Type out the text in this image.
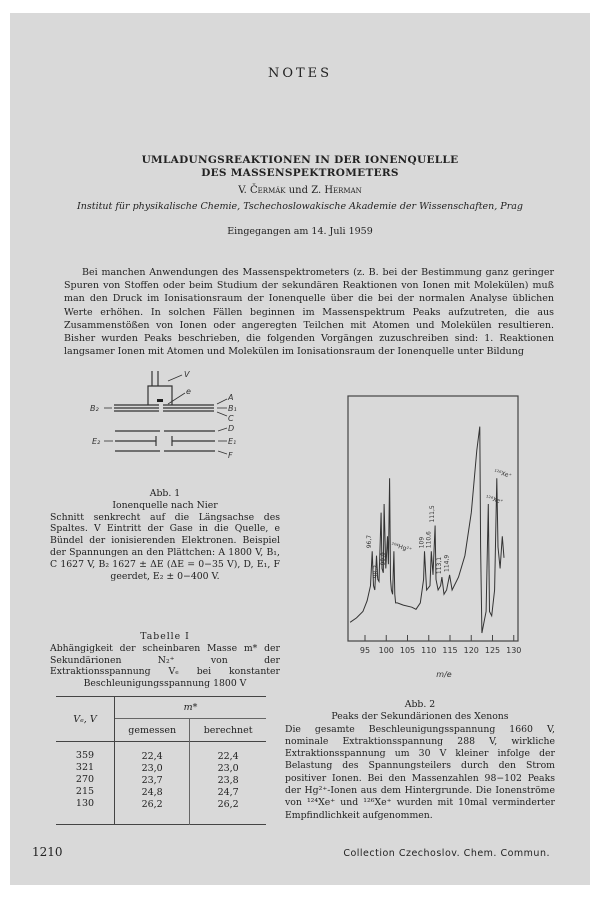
NOTES
UMLADUNGSREAKTIONEN IN DER IONENQUELLE
DES MASSENSPEKTROMETERS
V. Čermák und Z. Herman
Institut für physikalische Chemie, Tschechoslowakische Akademie der Wissenschaften, Prag
Eingegangen am 14. Juli 1959

Bei manchen Anwendungen des Massenspektrometers (z. B. bei der Bestimmung ganz geringer Spuren von Stoffen oder beim Studium der sekundären Reaktionen von Ionen mit Molekülen) muß man den Druck im Ionisationsraum der Ionenquelle über die bei der normalen Analyse üblichen Werte erhöhen. In solchen Fällen beginnen im Massenspektrum Peaks aufzutreten, die aus Zusammenstößen von Ionen oder angeregten Teilchen mit Atomen und Molekülen resultieren. Bisher wurden Peaks beschrieben, die folgenden Vorgängen zuzuschreiben sind: 1. Reaktionen langsamer Ionen mit Atomen und Molekülen im Ionisationsraum der Ionenquelle unter Bildung

V
e
A
B₁
C
B₂
D
E₁
E₂
F
Abb. 1
Ionenquelle nach Nier
Schnitt senkrecht auf die Längsachse des Spaltes. V Eintritt der Gase in die Quelle, e Bündel der ionisierenden Elektronen. Beispiel der Spannungen an den Plättchen: A 1800 V, B₁, C 1627 V, B₂ 1627 ± ΔE (ΔE = 0−35 V), D, E₁, F geerdet, E₂ ± 0−400 V.
Tabelle I
Abhängigkeit der scheinbaren Masse m* der Sekundärionen N₂⁺ von der Extraktionsspannung Vₑ bei konstanter Beschleunigungsspannung 1800 V
Vₑ, V	m*	
	gemessen	berechnet

359	22,4	22,4
321	23,0	23,0
270	23,7	23,8
215	24,8	24,7
130	26,2	26,2

95 100 105 110 115 120 125 130
96,7
98,2
99,9
²⁰⁴Hg²⁺ 109 110,6
111,5
113,1 114,9
¹²⁴Xe⁺
¹²⁶Xe⁺
m/e
Abb. 2
Peaks der Sekundärionen des Xenons
Die gesamte Beschleunigungsspannung 1660 V, nominale Extraktionsspannung 288 V, wirkliche Extraktionsspannung um 30 V kleiner infolge der Belastung des Spannungsteilers durch den Strom positiver Ionen. Bei den Massenzahlen 98−102 Peaks der Hg²⁺-Ionen aus dem Hintergrunde. Die Ionenströme von ¹²⁴Xe⁺ und ¹²⁶Xe⁺ wurden mit 10mal verminderter Empfindlichkeit aufgenommen.
1210	Collection Czechoslov. Chem. Commun.
